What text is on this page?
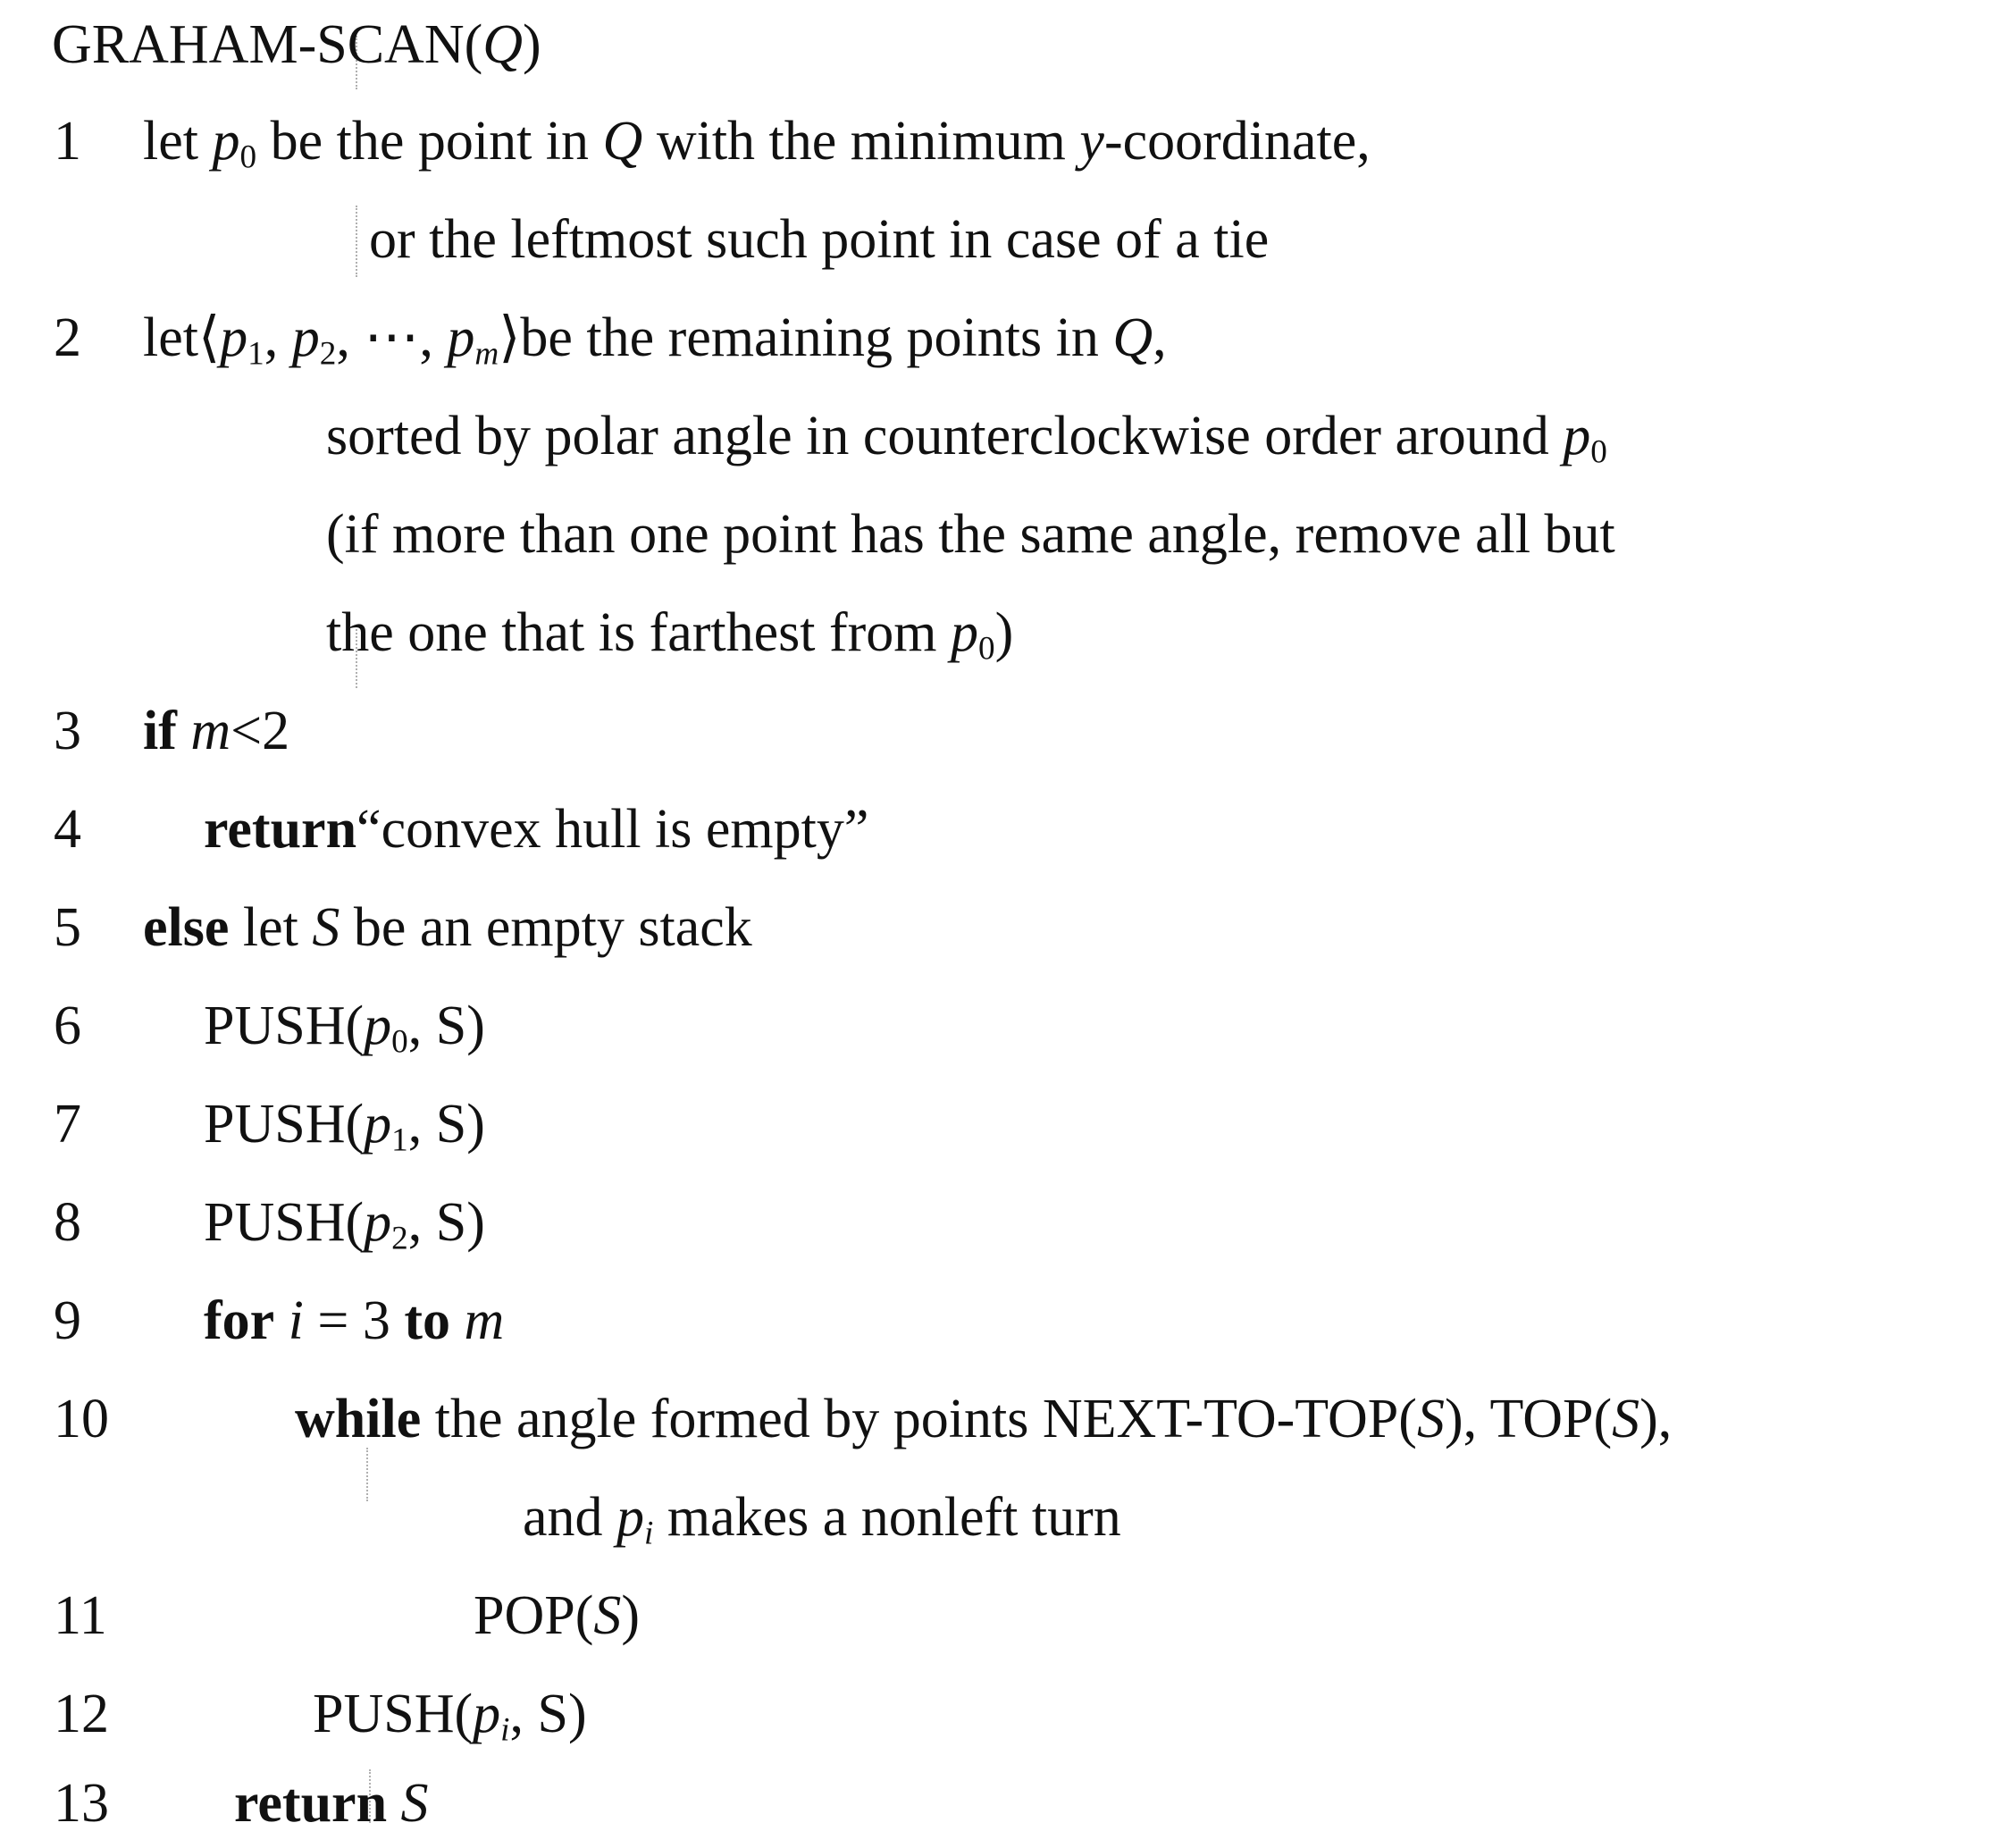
GRAHAM-SCAN(Q)
1	let $p_0$ be the point in Q with the minimum y-coordinate,
or the leftmost such point in case of a tie
2	$let⟨p_1$, $p_2$, ⋯, $p_m⟩be$ the remaining points in Q,
sorted by polar angle in counterclockwise order around $p_0$
(if more than one point has the same angle, remove all but
the one that is farthest from $p_0$)
3	if m<2
4	return“convex hull is empty”
5	else let S be an empty stack
6	$PUSH(p_0$, S)
7	$PUSH(p_1$, S)
8	$PUSH(p_2$, S)
9	for i = 3 to m
10	while the angle formed by points NEXT-TO-TOP(S), TOP(S),
and $p_i$ makes a nonleft turn
11	POP(S)
12	$PUSH(p_i$, S)
13	return S
